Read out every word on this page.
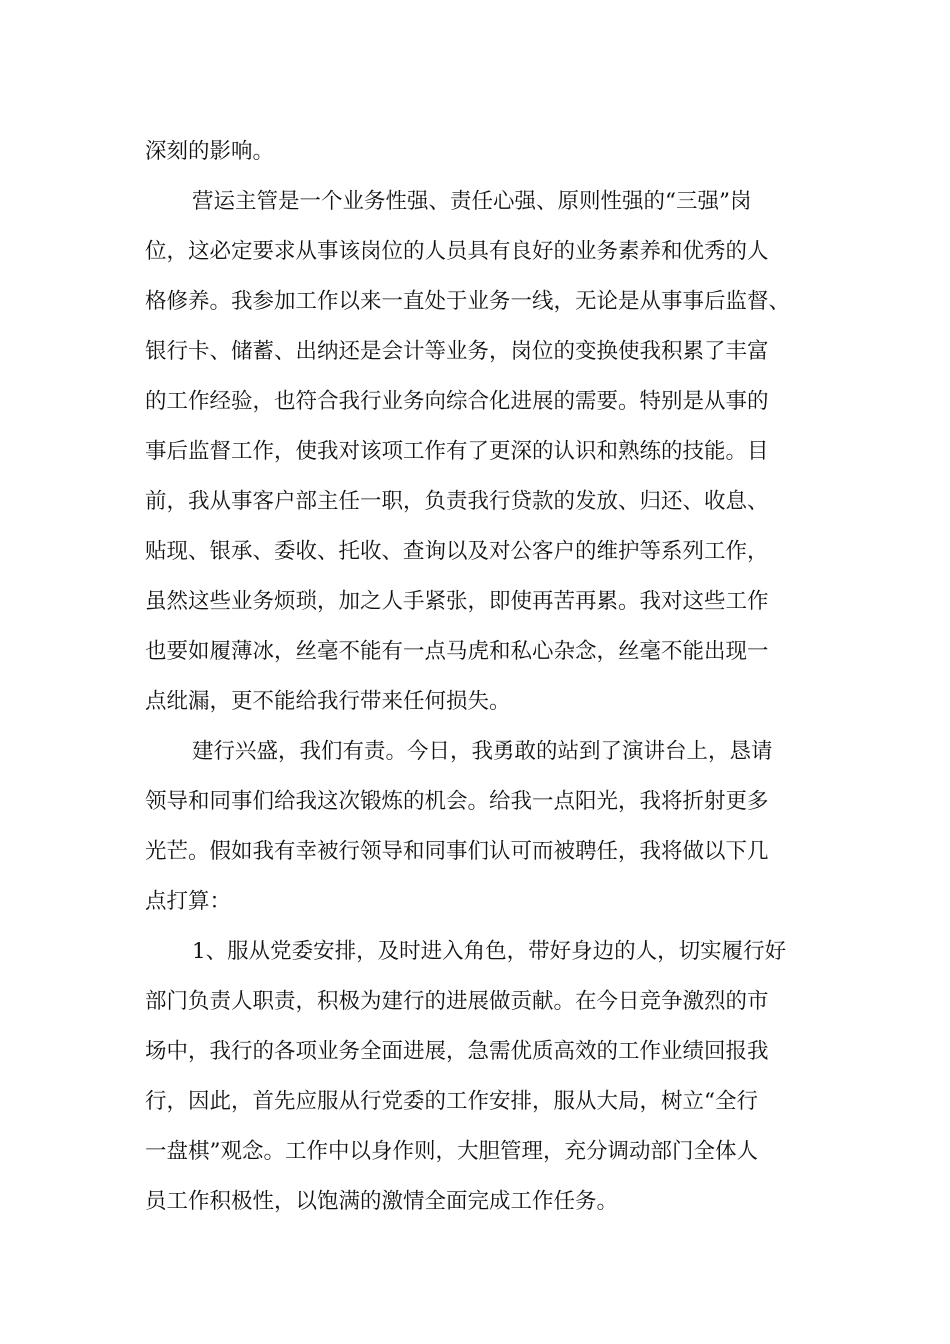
深刻的影响。
营运主管是一个业务性强、责任心强、原则性强的“三强”岗
位，这必定要求从事该岗位的人员具有良好的业务素养和优秀的人
格修养。我参加工作以来一直处于业务一线，无论是从事事后监督、
银行卡、储蓄、出纳还是会计等业务，岗位的变换使我积累了丰富
的工作经验，也符合我行业务向综合化进展的需要。特别是从事的
事后监督工作，使我对该项工作有了更深的认识和熟练的技能。目
前，我从事客户部主任一职，负责我行贷款的发放、归还、收息、
贴现、银承、委收、托收、查询以及对公客户的维护等系列工作，
虽然这些业务烦琐，加之人手紧张，即使再苦再累。我对这些工作
也要如履薄冰，丝毫不能有一点马虎和私心杂念，丝毫不能出现一
点纰漏，更不能给我行带来任何损失。
建行兴盛，我们有责。今日，我勇敢的站到了演讲台上，恳请
领导和同事们给我这次锻炼的机会。给我一点阳光，我将折射更多
光芒。假如我有幸被行领导和同事们认可而被聘任，我将做以下几
点打算：
1、服从党委安排，及时进入角色，带好身边的人，切实履行好
部门负责人职责，积极为建行的进展做贡献。在今日竞争激烈的市
场中，我行的各项业务全面进展，急需优质高效的工作业绩回报我
行，因此，首先应服从行党委的工作安排，服从大局，树立“全行
一盘棋”观念。工作中以身作则，大胆管理，充分调动部门全体人
员工作积极性，以饱满的激情全面完成工作任务。
